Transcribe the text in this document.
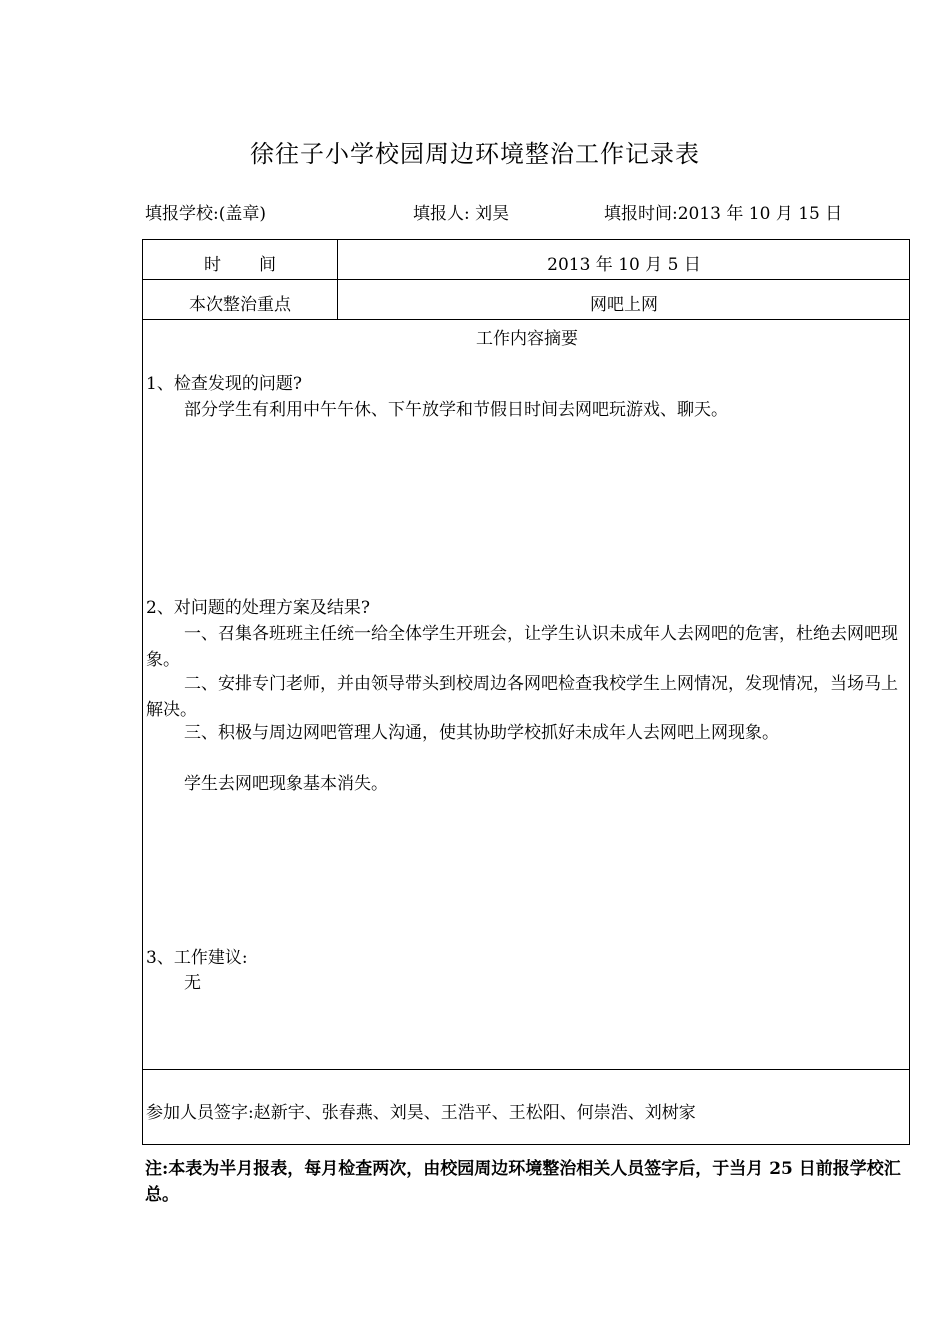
徐往子小学校园周边环境整治工作记录表
填报学校:(盖章)	填报人: 刘昊	填报时间:2013 年 10 月 15 日
时 间	2013 年 10 月 5 日
本次整治重点	网吧上网
工作内容摘要
1、检查发现的问题?
部分学生有利用中午午休、下午放学和节假日时间去网吧玩游戏、聊天。
2、对问题的处理方案及结果?
一、召集各班班主任统一给全体学生开班会，让学生认识未成年人去网吧的危害，杜绝去网吧现象。
二、安排专门老师，并由领导带头到校周边各网吧检查我校学生上网情况，发现情况，当场马上解决。
三、积极与周边网吧管理人沟通，使其协助学校抓好未成年人去网吧上网现象。
学生去网吧现象基本消失。
3、工作建议:
无
参加人员签字:赵新宇、张春燕、刘昊、王浩平、王松阳、何崇浩、刘树家
注:本表为半月报表，每月检查两次，由校园周边环境整治相关人员签字后，于当月 25 日前报学校汇总。
